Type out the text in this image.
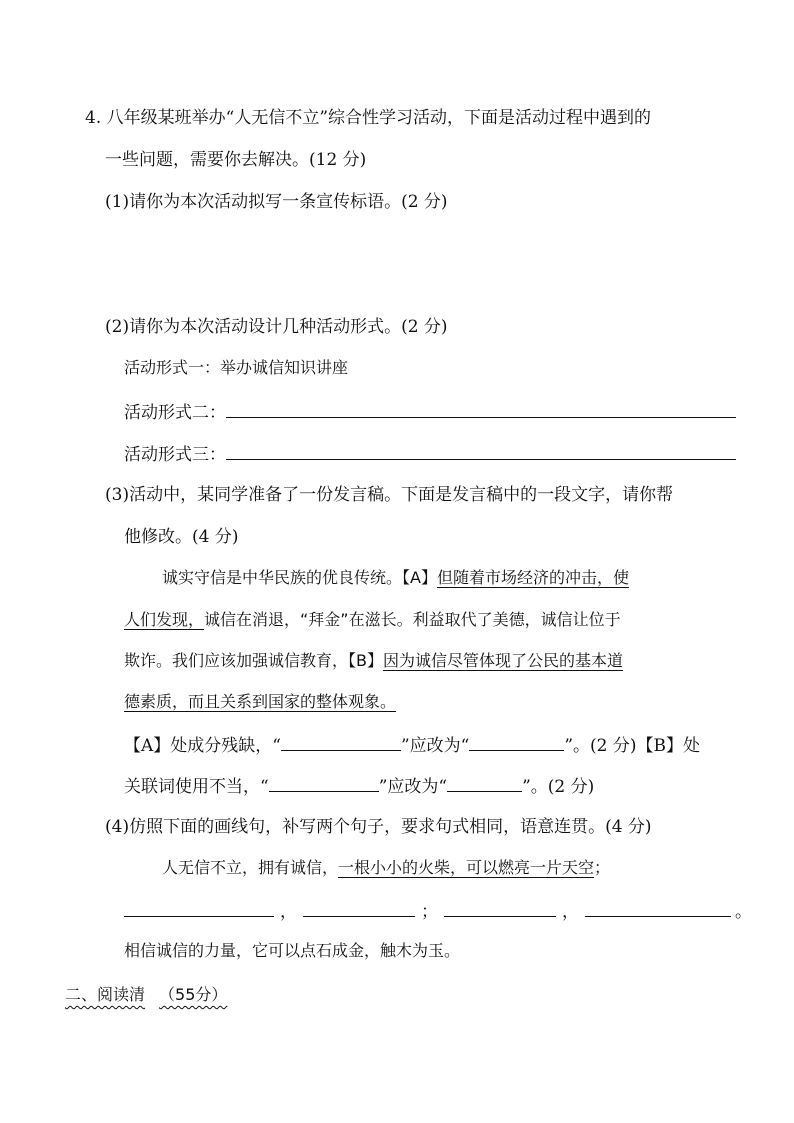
4. 八年级某班举办“人无信不立”综合性学习活动，下面是活动过程中遇到的
一些问题，需要你去解决。(12 分)
(1)请你为本次活动拟写一条宣传标语。(2 分)
(2)请你为本次活动设计几种活动形式。(2 分)
活动形式一：举办诚信知识讲座
活动形式二：
活动形式三：
(3)活动中，某同学准备了一份发言稿。下面是发言稿中的一段文字，请你帮
他修改。(4 分)
诚实守信是中华民族的优良传统。【A】但随着市场经济的冲击，使
人们发现，诚信在消退，“拜金”在滋长。利益取代了美德，诚信让位于
欺诈。我们应该加强诚信教育，【B】因为诚信尽管体现了公民的基本道
德素质，而且关系到国家的整体观象。
【A】处成分残缺，“	”应改为“	”。(2 分)【B】处
关联词使用不当，“	”应改为“	”。(2 分)
(4)仿照下面的画线句，补写两个句子，要求句式相同，语意连贯。(4 分)
人无信不立，拥有诚信，一根小小的火柴，可以燃亮一片天空；
，	；	，	。
相信诚信的力量，它可以点石成金，触木为玉。
二、阅读清 （55分）
